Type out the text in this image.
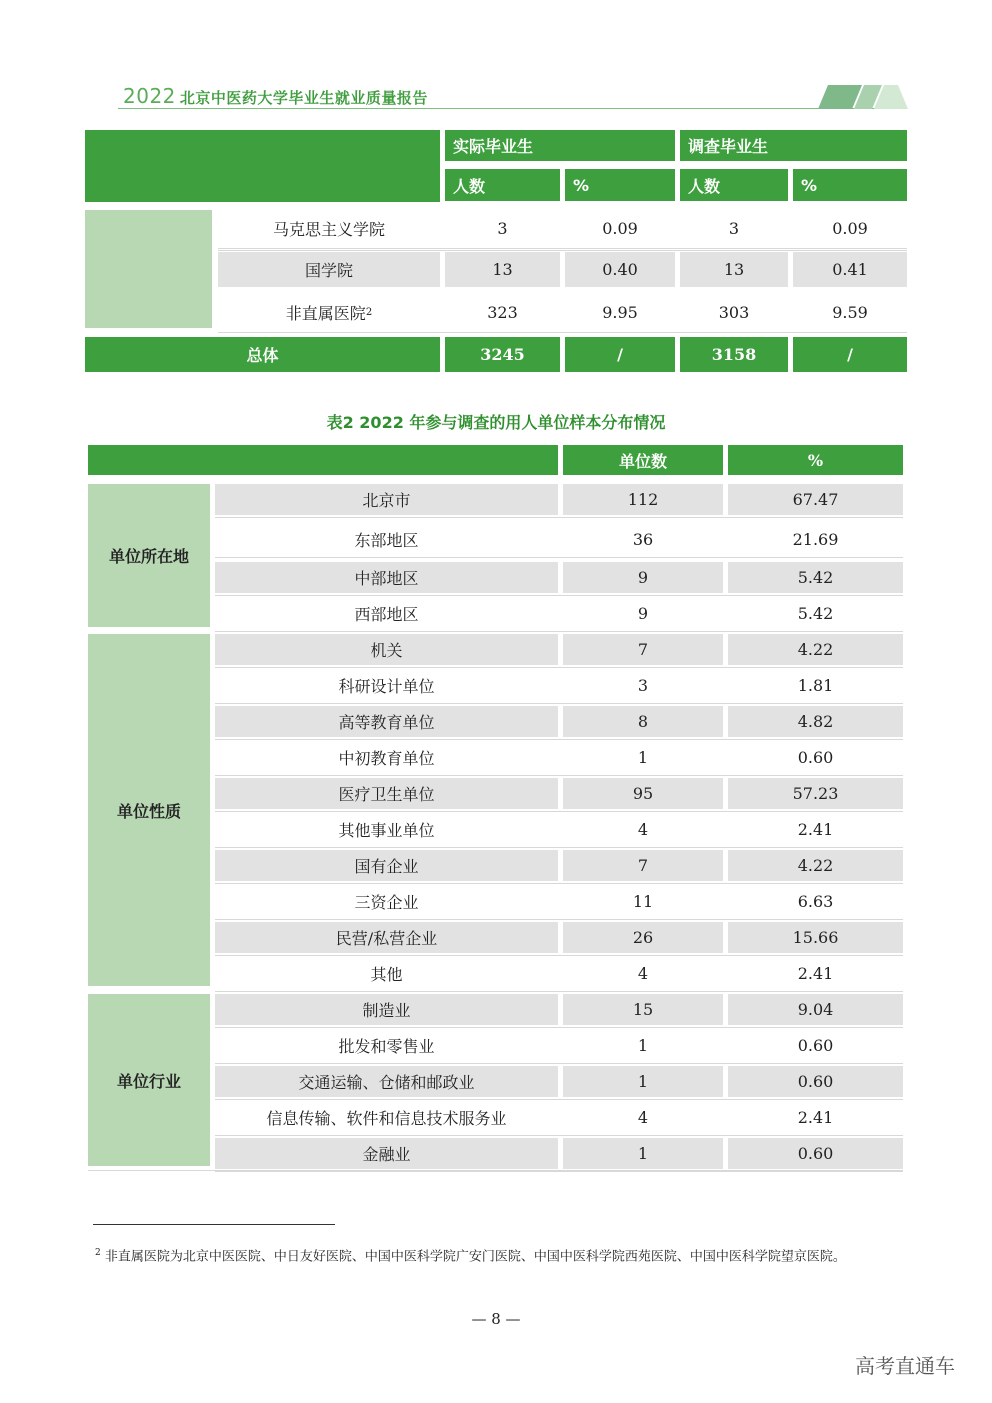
2022 北京中医药大学毕业生就业质量报告
实际毕业生	调查毕业生
人数	%	人数	%
马克思主义学院	3	0.09	3	0.09
国学院	13	0.40	13	0.41
非直属医院 2	323	9.95	303	9.59
总体	3245	/	3158	/
表2 2022 年参与调查的用人单位样本分布情况
单位数	%
单位所在地
北京市	112	67.47
东部地区	36	21.69
中部地区	9	5.42
西部地区	9	5.42
单位性质
机关	7	4.22
科研设计单位	3	1.81
高等教育单位	8	4.82
中初教育单位	1	0.60
医疗卫生单位	95	57.23
其他事业单位	4	2.41
国有企业	7	4.22
三资企业	11	6.63
民营/私营企业	26	15.66
其他	4	2.41
单位行业
制造业	15	9.04
批发和零售业	1	0.60
交通运输、仓储和邮政业	1	0.60
信息传输、软件和信息技术服务业	4	2.41
金融业	1	0.60
$^2$ 非直属医院为北京中医医院、中日友好医院、中国中医科学院广安门医院、中国中医科学院西苑医院、中国中医科学院望京医院。
— 8 —
高考直通车
